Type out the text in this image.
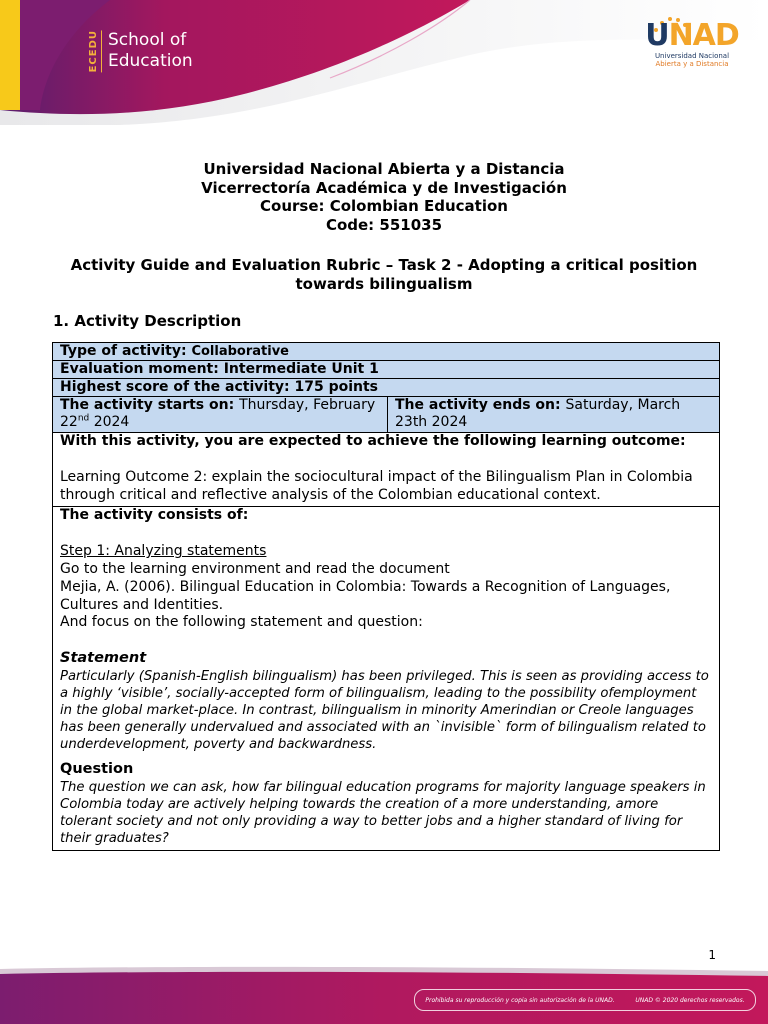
ECEDU School of
Education
UNAD
Universidad Nacional
Abierta y a Distancia
Universidad Nacional Abierta y a Distancia
Vicerrectoría Académica y de Investigación
Course: Colombian Education
Code: 551035
Activity Guide and Evaluation Rubric – Task 2 - Adopting a critical position towards bilingualism
1. Activity Description
Type of activity: Collaborative
Evaluation moment: Intermediate Unit 1
Highest score of the activity: 175 points
The activity starts on: Thursday, February 22nd 2024	The activity ends on: Saturday, March 23th 2024

With this activity, you are expected to achieve the following learning outcome:
Learning Outcome 2: explain the sociocultural impact of the Bilingualism Plan in Colombia through critical and reflective analysis of the Colombian educational context.

The activity consists of:
Step 1: Analyzing statements
Go to the learning environment and read the document
Mejia, A. (2006). Bilingual Education in Colombia: Towards a Recognition of Languages, Cultures and Identities.
And focus on the following statement and question:
Statement
Particularly (Spanish-English bilingualism) has been privileged. This is seen as providing access to a highly ‘visible’, socially-accepted form of bilingualism, leading to the possibility ofemployment in the global market-place. In contrast, bilingualism in minority Amerindian or Creole languages has been generally undervalued and associated with an `invisible` form of bilingualism related to underdevelopment, poverty and backwardness.
Question
The question we can ask, how far bilingual education programs for majority language speakers in Colombia today are actively helping towards the creation of a more understanding, amore tolerant society and not only providing a way to better jobs and a higher standard of living for their graduates?
1
Prohibida su reproducción y copia sin autorización de la UNAD.	UNAD © 2020 derechos reservados.
